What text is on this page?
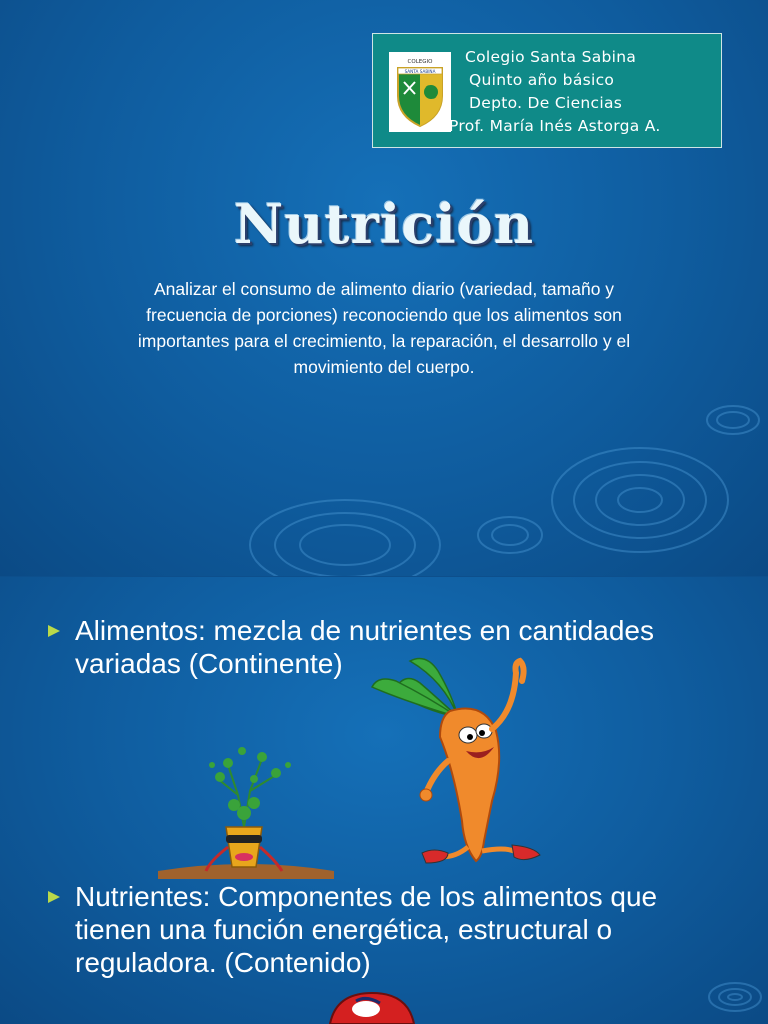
COLEGIO
SANTA SABINA
Colegio Santa Sabina
Quinto año básico
Depto. De Ciencias
Prof. María Inés Astorga A.
Nutrición
Analizar el consumo de alimento diario (variedad, tamaño y frecuencia de porciones) reconociendo que los alimentos son importantes para el crecimiento, la reparación, el desarrollo y el movimiento del cuerpo.
Alimentos: mezcla de nutrientes en cantidades variadas (Continente)
Nutrientes: Componentes de los alimentos que tienen una función energética, estructural o reguladora. (Contenido)
